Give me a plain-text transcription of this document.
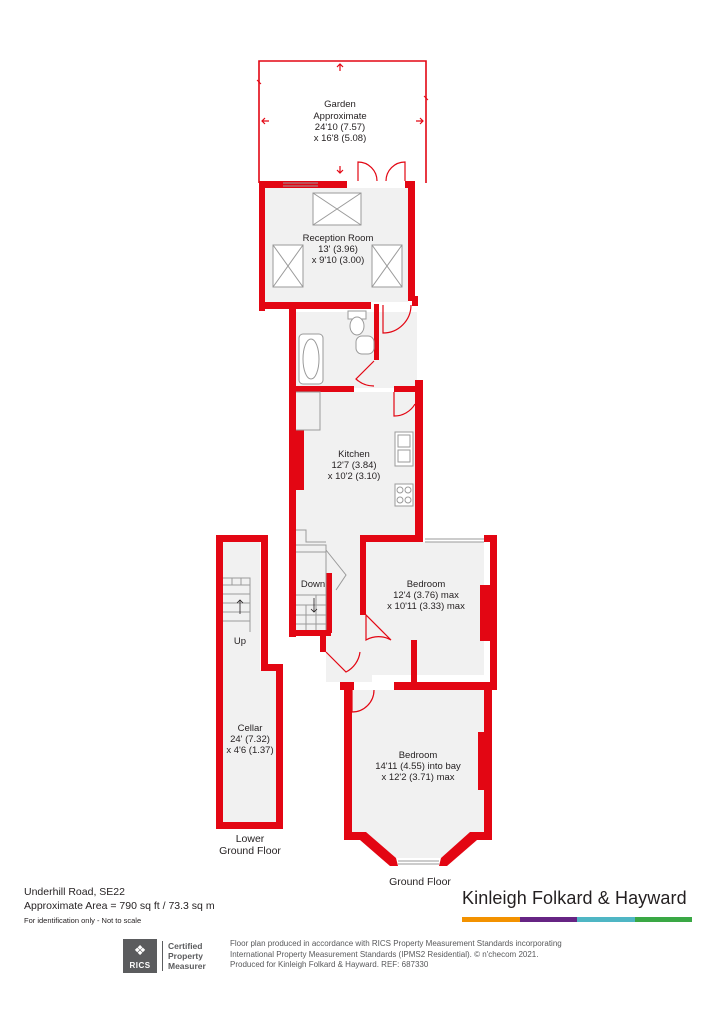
Garden
Approximate
24'10 (7.57)
x 16'8 (5.08)
Reception Room
13' (3.96)
x 9'10 (3.00)
Kitchen
12'7 (3.84)
x 10'2 (3.10)
Bedroom
12'4 (3.76) max
x 10'11 (3.33) max
Bedroom
14'11 (4.55) into bay
x 12'2 (3.71) max
Cellar
24' (7.32)
x 4'6 (1.37)
Down
Up
Lower
Ground Floor
Ground Floor
Underhill Road, SE22
Approximate Area = 790 sq ft / 73.3 sq m
For identification only - Not to scale
Kinleigh Folkard & Hayward
❖
RICS
Certified
Property
Measurer
Floor plan produced in accordance with RICS Property Measurement Standards incorporating
International Property Measurement Standards (IPMS2 Residential). © n'checom 2021.
Produced for Kinleigh Folkard & Hayward. REF: 687330
